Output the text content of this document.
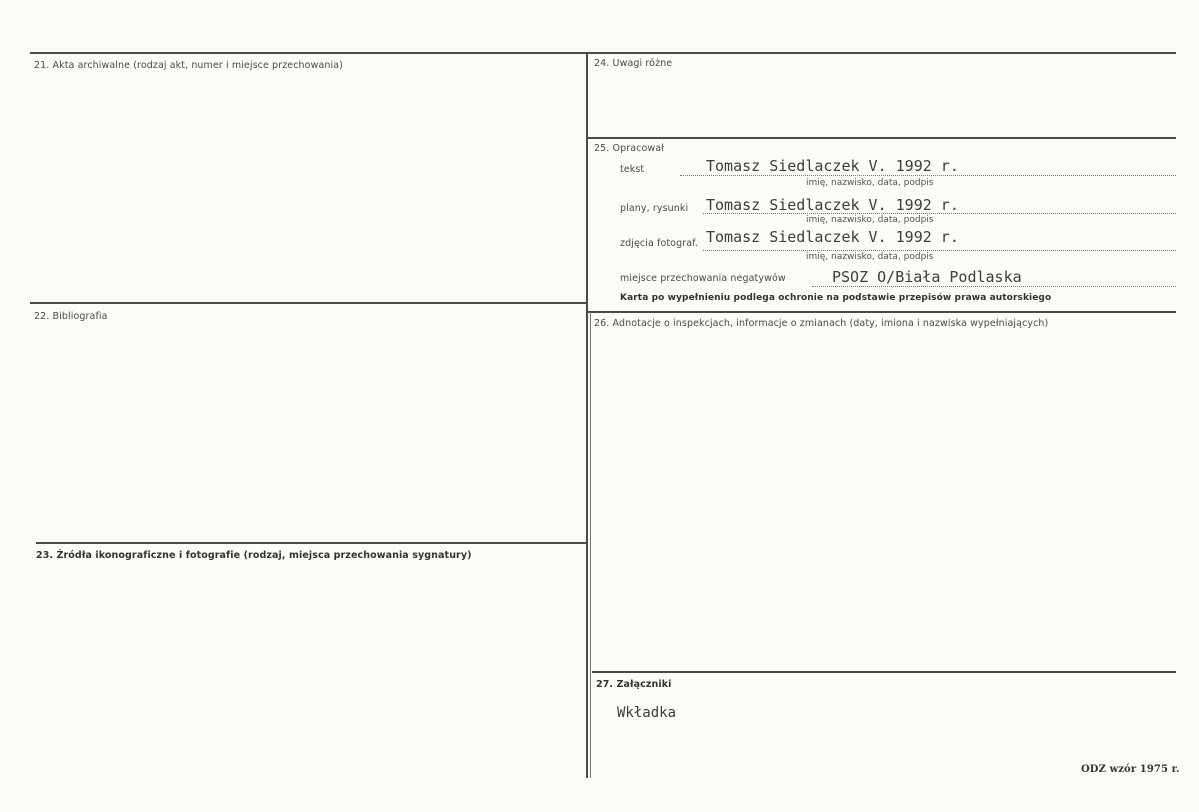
21. Akta archiwalne (rodzaj akt, numer i miejsce przechowania)
22. Bibliografia
23. Źródła ikonograficzne i fotografie (rodzaj, miejsca przechowania sygnatury)
24. Uwagi różne
25. Opracował
tekst	Tomasz Siedlaczek V. 1992 r.
imię, nazwisko, data, podpis
plany, rysunki Tomasz Siedlaczek V. 1992 r.
imię, nazwisko, data, podpis
zdjęcia fotograf. Tomasz Siedlaczek V. 1992 r.
imię, nazwisko, data, podpis
miejsce przechowania negatywów	PSOZ O/Biała Podlaska
Karta po wypełnieniu podlega ochronie na podstawie przepisów prawa autorskiego
26. Adnotacje o inspekcjach, informacje o zmianach (daty, imiona i nazwiska wypełniających)
27. Załączniki
Wkładka
ODZ wzór 1975 r.
